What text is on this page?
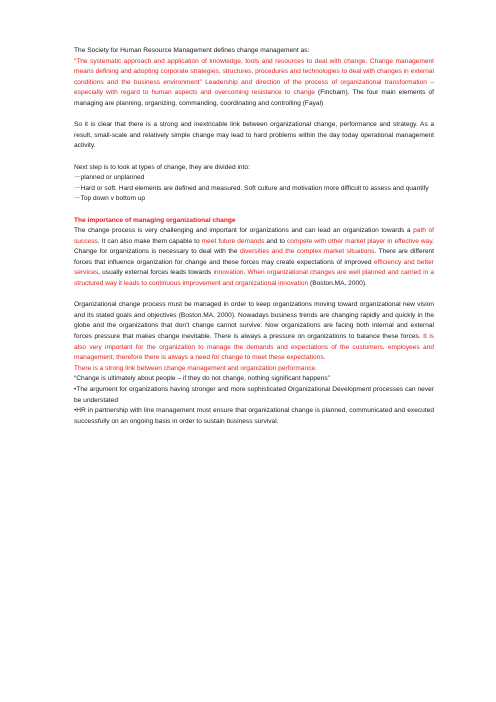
The Society for Human Resource Management defines change management as:

“The systematic approach and application of knowledge, tools and resources to deal with change. Change management means defining and adopting corporate strategies, structures, procedures and technologies to deal with changes in external conditions and the business environment” Leadership and direction of the process of organizational transformation – especially with regard to human aspects and overcoming resistance to change (Fincham). The four main elements of managing are planning, organizing, commanding, coordinating and controlling (Fayal)

So it is clear that there is a strong and inextricable link between organizational change, performance and strategy. As a result, small-scale and relatively simple change may lead to hard problems within the day today operational management activity.

Next step is to look at types of change, they are divided into:

－planned or unplanned

－Hard or soft. Hard elements are defined and measured. Soft culture and motivation more difficult to assess and quantify

－Top down v bottom up

The importance of managing organizational change

The change process is very challenging and important for organizations and can lead an organization towards a path of success. It can also make them capable to meet future demands and to compete with other market player in effective way. Change for organizations is necessary to deal with the diversities and the complex market situations. There are different forces that influence organization for change and these forces may create expectations of improved efficiency and better services, usually external forces leads towards innovation. When organizational changes are well planned and carried in a structured way it leads to continuous improvement and organizational innovation (Boston.MA, 2000).

Organizational change process must be managed in order to keep organizations moving toward organizational new vision and its stated goals and objectives (Boston.MA, 2000). Nowadays business trends are changing rapidly and quickly in the globe and the organizations that don’t change cannot survive. Now organizations are facing both internal and external forces pressure that makes change inevitable. There is always a pressure on organizations to balance these forces. It is also very important for the organization to manage the demands and expectations of the customers, employees and management; therefore there is always a need for change to meet these expectations.

There is a strong link between change management and organization performance.

“Change is ultimately about people – if they do not change, nothing significant happens”

•The argument for organizations having stronger and more sophisticated Organizational Development processes can never be understated

•HR in partnership with line management must ensure that organizational change is planned, communicated and executed successfully on an ongoing basis in order to sustain business survival.
